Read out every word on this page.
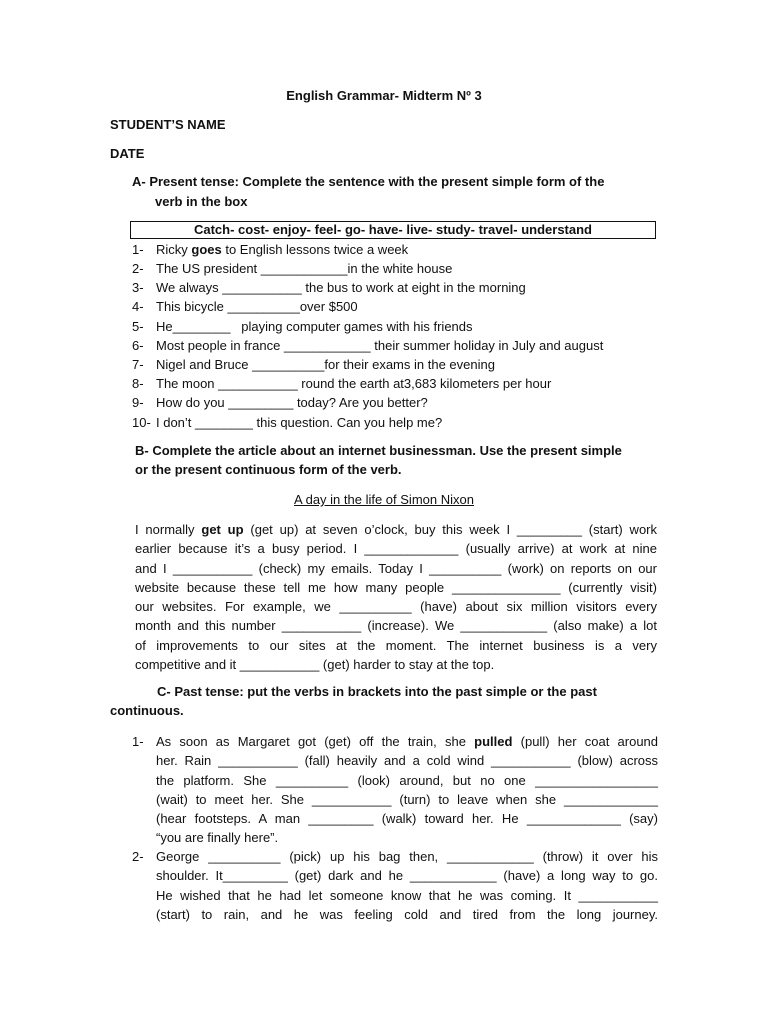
English Grammar- Midterm Nº 3
STUDENT’S NAME
DATE
A- Present tense: Complete the sentence with the present simple form of the
verb in the box
Catch- cost- enjoy- feel- go- have- live- study- travel- understand
1- Ricky goes to English lessons twice a week
2- The US president ____________in the white house
3- We always ___________ the bus to work at eight in the morning
4- This bicycle __________over $500
5- He________   playing computer games with his friends
6- Most people in france ____________ their summer holiday in July and august
7- Nigel and Bruce __________for their exams in the evening
8- The moon ___________ round the earth at3,683 kilometers per hour
9- How do you _________ today? Are you better?
10- I don’t ________ this question. Can you help me?
B- Complete the article about an internet businessman. Use the present simple
or the present continuous form of the verb.
A day in the life of Simon Nixon
I normally get up (get up) at seven o’clock, buy this week I _________ (start) work
earlier because it’s a busy period. I _____________ (usually arrive) at work at nine
and I ___________ (check) my emails. Today I __________ (work) on reports on our
website because these tell me how many people _______________ (currently visit)
our websites. For example, we __________ (have) about six million visitors every
month and this number ___________ (increase). We ____________ (also make) a lot
of improvements to our sites at the moment. The internet business is a very
competitive and it ___________ (get) harder to stay at the top.
C- Past tense: put the verbs in brackets into the past simple or the past
continuous.
1- As soon as Margaret got (get) off the train, she pulled (pull) her coat around
her. Rain ___________ (fall) heavily and a cold wind ___________ (blow) across
the platform. She __________ (look) around, but no one _________________
(wait) to meet her. She ___________ (turn) to leave when she _____________
(hear footsteps. A man _________ (walk) toward her. He _____________ (say)
“you are finally here”.
2- George __________ (pick) up his bag then, ____________ (throw) it over his
shoulder. It_________ (get) dark and he ____________ (have) a long way to go.
He wished that he had let someone know that he was coming. It ___________
(start) to rain, and he was feeling cold and tired from the long journey.
